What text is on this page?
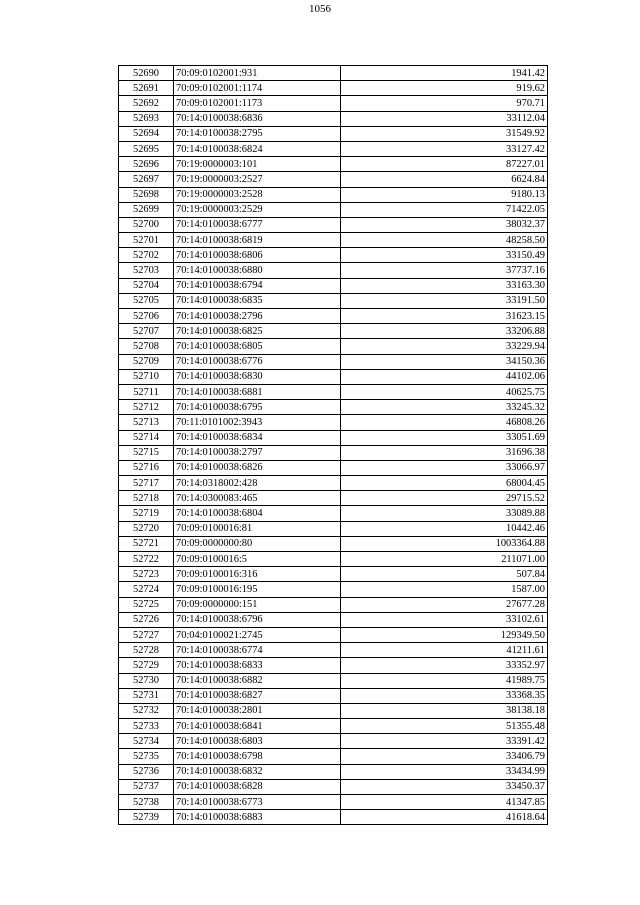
1056
52690	70:09:0102001:931	1941.42
52691	70:09:0102001:1174	919.62
52692	70:09:0102001:1173	970.71
52693	70:14:0100038:6836	33112.04
52694	70:14:0100038:2795	31549.92
52695	70:14:0100038:6824	33127.42
52696	70:19:0000003:101	87227.01
52697	70:19:0000003:2527	6624.84
52698	70:19:0000003:2528	9180.13
52699	70:19:0000003:2529	71422.05
52700	70:14:0100038:6777	38032.37
52701	70:14:0100038:6819	48258.50
52702	70:14:0100038:6806	33150.49
52703	70:14:0100038:6880	37737.16
52704	70:14:0100038:6794	33163.30
52705	70:14:0100038:6835	33191.50
52706	70:14:0100038:2796	31623.15
52707	70:14:0100038:6825	33206.88
52708	70:14:0100038:6805	33229.94
52709	70:14:0100038:6776	34150.36
52710	70:14:0100038:6830	44102.06
52711	70:14:0100038:6881	40625.75
52712	70:14:0100038:6795	33245.32
52713	70:11:0101002:3943	46808.26
52714	70:14:0100038:6834	33051.69
52715	70:14:0100038:2797	31696.38
52716	70:14:0100038:6826	33066.97
52717	70:14:0318002:428	68004.45
52718	70:14:0300083:465	29715.52
52719	70:14:0100038:6804	33089.88
52720	70:09:0100016:81	10442.46
52721	70:09:0000000:80	1003364.88
52722	70:09:0100016:5	211071.00
52723	70:09:0100016:316	507.84
52724	70:09:0100016:195	1587.00
52725	70:09:0000000:151	27677.28
52726	70:14:0100038:6796	33102.61
52727	70:04:0100021:2745	129349.50
52728	70:14:0100038:6774	41211.61
52729	70:14:0100038:6833	33352.97
52730	70:14:0100038:6882	41989.75
52731	70:14:0100038:6827	33368.35
52732	70:14:0100038:2801	38138.18
52733	70:14:0100038:6841	51355.48
52734	70:14:0100038:6803	33391.42
52735	70:14:0100038:6798	33406.79
52736	70:14:0100038:6832	33434.99
52737	70:14:0100038:6828	33450.37
52738	70:14:0100038:6773	41347.85
52739	70:14:0100038:6883	41618.64
